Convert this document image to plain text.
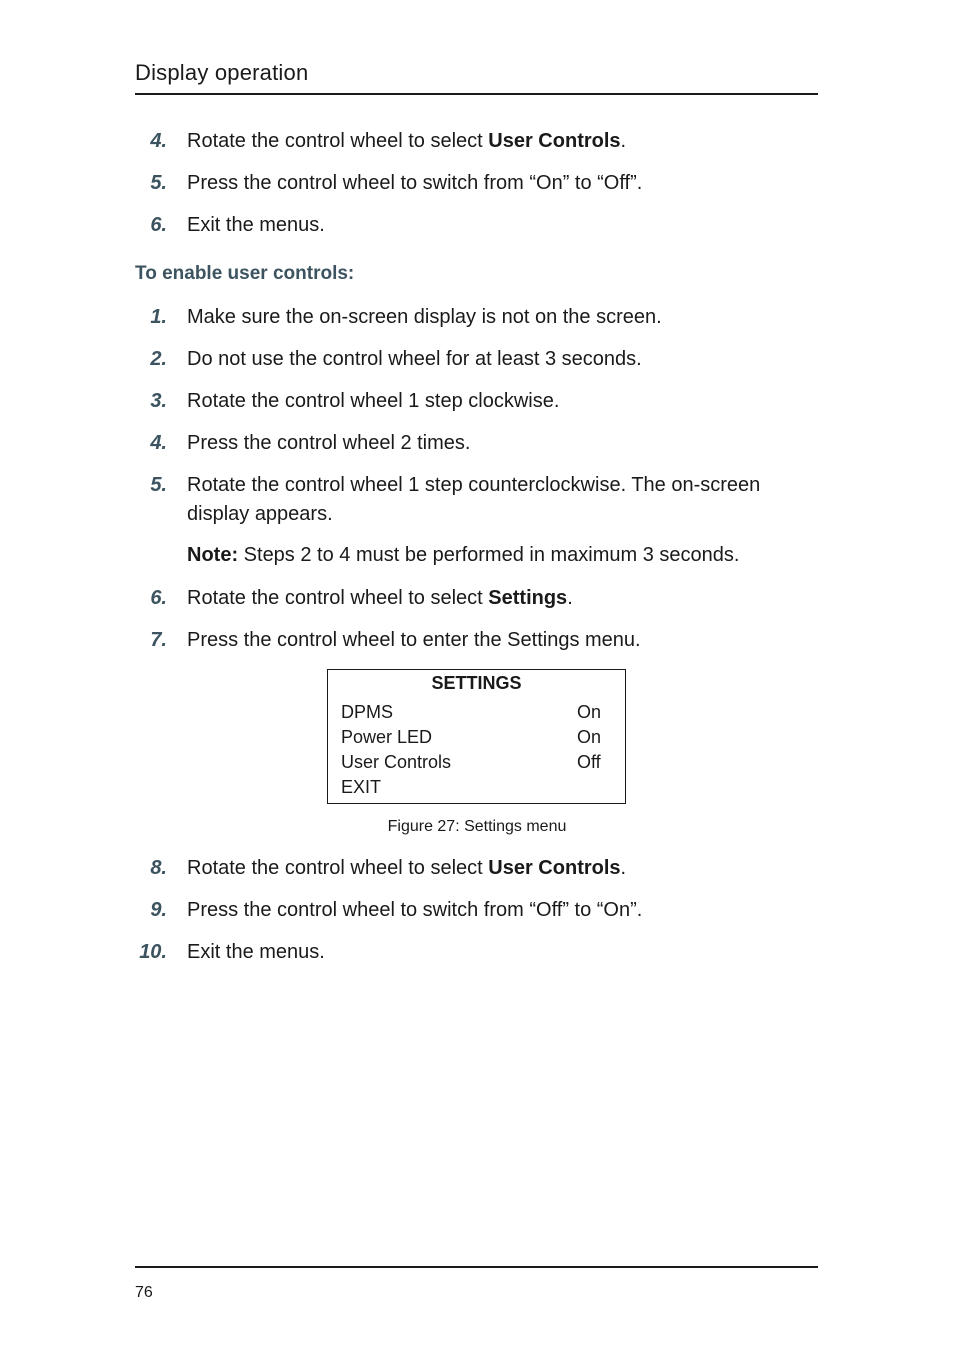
Display operation
4. Rotate the control wheel to select User Controls.
5. Press the control wheel to switch from “On” to “Off”.
6. Exit the menus.
To enable user controls:
1. Make sure the on-screen display is not on the screen.
2. Do not use the control wheel for at least 3 seconds.
3. Rotate the control wheel 1 step clockwise.
4. Press the control wheel 2 times.
5. Rotate the control wheel 1 step counterclockwise. The on-screen display appears.
Note: Steps 2 to 4 must be performed in maximum 3 seconds.
6. Rotate the control wheel to select Settings.
7. Press the control wheel to enter the Settings menu.
SETTINGS
DPMS	On
Power LED	On
User Controls	Off
EXIT
Figure 27: Settings menu
8. Rotate the control wheel to select User Controls.
9. Press the control wheel to switch from “Off” to “On”.
10. Exit the menus.
76
